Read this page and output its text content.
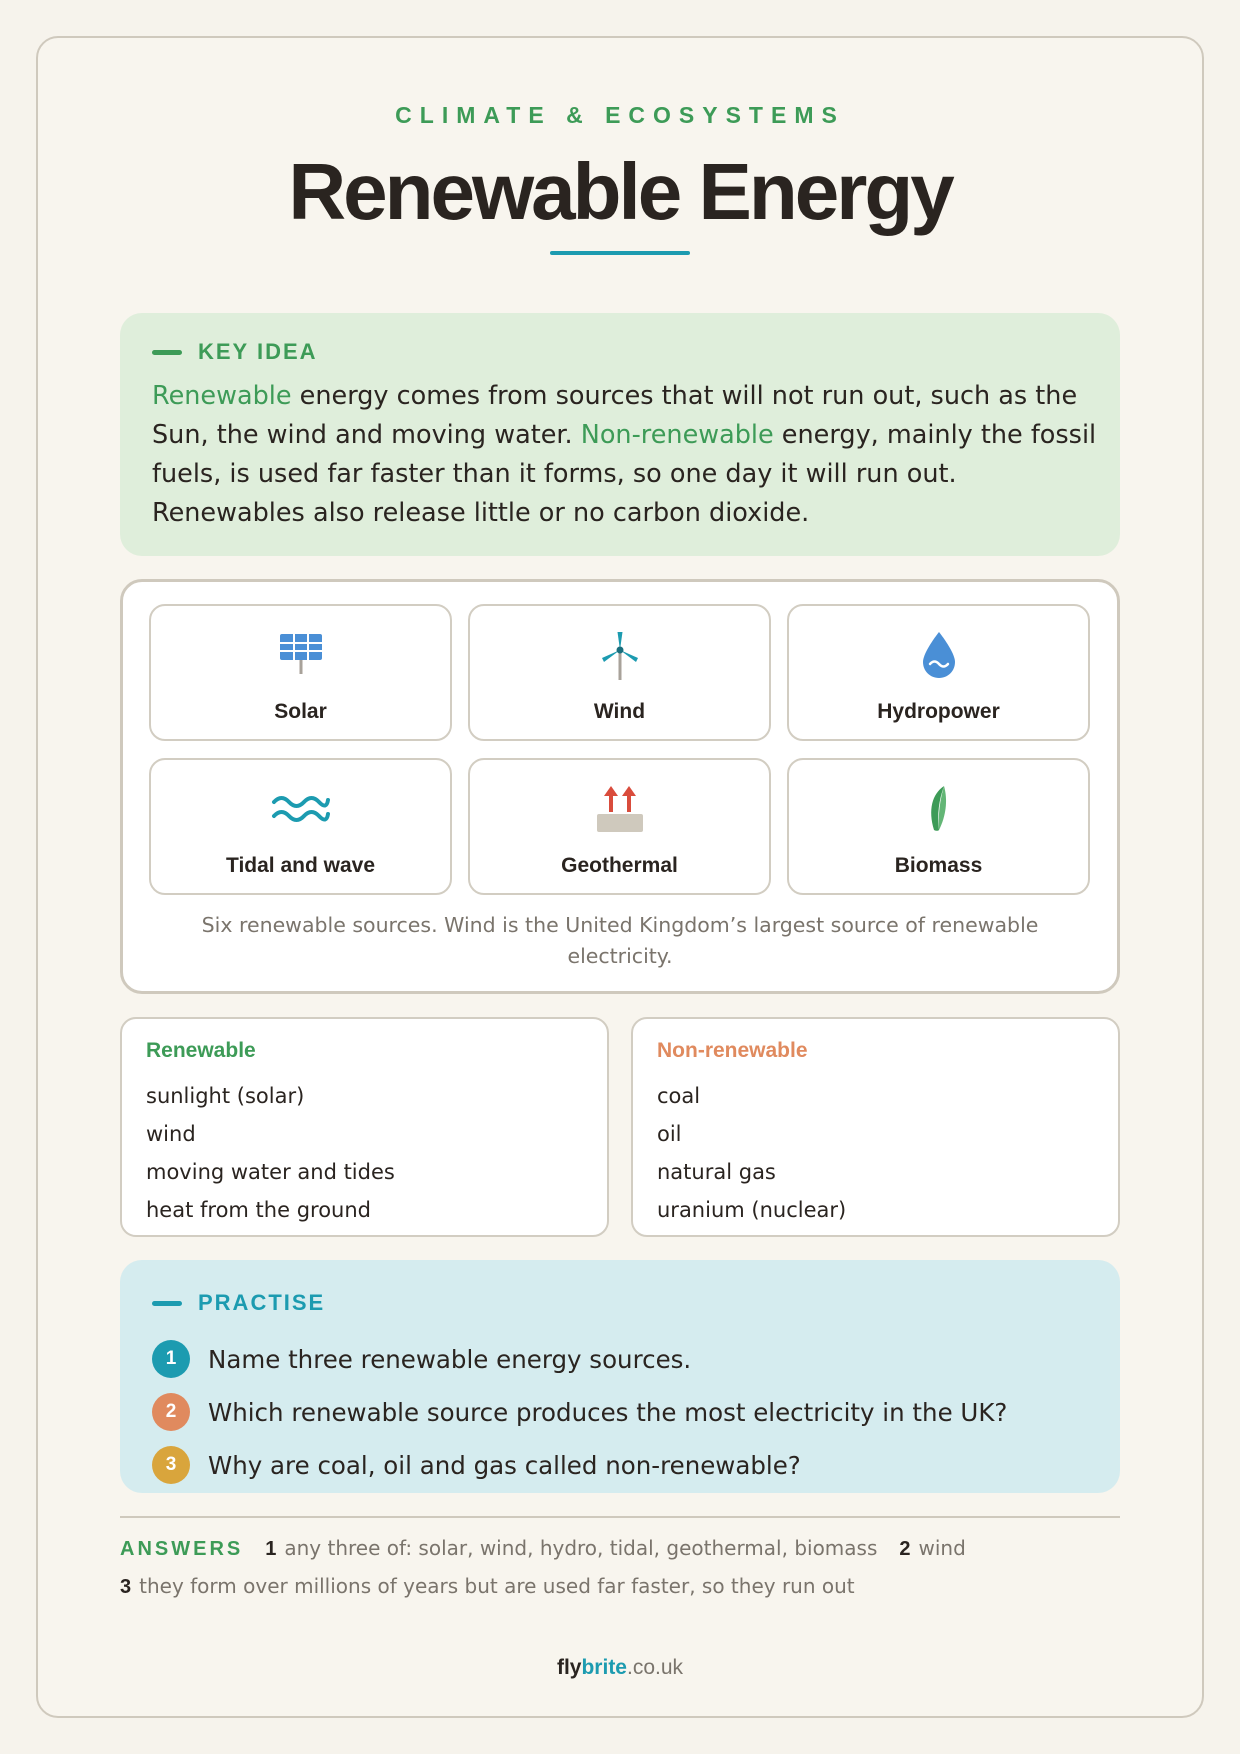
CLIMATE & ECOSYSTEMS
Renewable Energy
KEY IDEA
Renewable energy comes from sources that will not run out, such as the Sun, the wind and moving water. Non-renewable energy, mainly the fossil fuels, is used far faster than it forms, so one day it will run out. Renewables also release little or no carbon dioxide.
Solar	Wind	Hydropower
Tidal and wave	Geothermal	Biomass
Six renewable sources. Wind is the United Kingdom’s largest source of renewable electricity.
Renewable
sunlight (solar)
wind
moving water and tides
heat from the ground
Non-renewable
coal
oil
natural gas
uranium (nuclear)
PRACTISE
1	Name three renewable energy sources.
2	Which renewable source produces the most electricity in the UK?
3	Why are coal, oil and gas called non-renewable?
ANSWERS 1 any three of: solar, wind, hydro, tidal, geothermal, biomass 2 wind
3 they form over millions of years but are used far faster, so they run out
flybrite.co.uk
